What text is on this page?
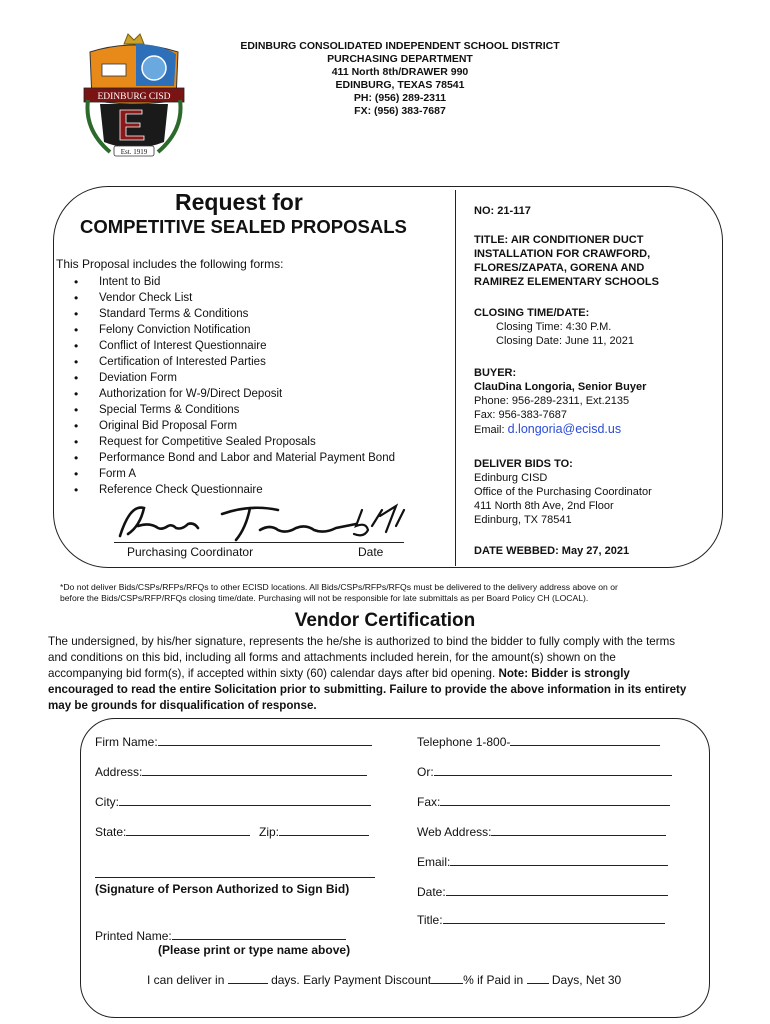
EDINBURG CISD
Est. 1919
EDINBURG CONSOLIDATED INDEPENDENT SCHOOL DISTRICT
PURCHASING DEPARTMENT
411 North 8th/DRAWER 990
EDINBURG, TEXAS 78541
PH: (956) 289-2311
FX: (956) 383-7687
Request for
COMPETITIVE SEALED PROPOSALS
This Proposal includes the following forms:
• Intent to Bid
• Vendor Check List
• Standard Terms & Conditions
• Felony Conviction Notification
• Conflict of Interest Questionnaire
• Certification of Interested Parties
• Deviation Form
• Authorization for W-9/Direct Deposit
• Special Terms & Conditions
• Original Bid Proposal Form
• Request for Competitive Sealed Proposals
• Performance Bond and Labor and Material Payment Bond
• Form A
• Reference Check Questionnaire
Purchasing Coordinator	Date
NO: 21-117
TITLE: AIR CONDITIONER DUCT
INSTALLATION FOR CRAWFORD,
FLORES/ZAPATA, GORENA AND
RAMIREZ ELEMENTARY SCHOOLS
CLOSING TIME/DATE:
Closing Time: 4:30 P.M.
Closing Date: June 11, 2021
BUYER:
ClauDina Longoria, Senior Buyer
Phone: 956-289-2311, Ext.2135
Fax: 956-383-7687
Email: d.longoria@ecisd.us
DELIVER BIDS TO:
Edinburg CISD
Office of the Purchasing Coordinator
411 North 8th Ave, 2nd Floor
Edinburg, TX 78541
DATE WEBBED: May 27, 2021
*Do not deliver Bids/CSPs/RFPs/RFQs to other ECISD locations. All Bids/CSPs/RFPs/RFQs must be delivered to the delivery address above on or
before the Bids/CSPs/RFP/RFQs closing time/date. Purchasing will not be responsible for late submittals as per Board Policy CH (LOCAL).
Vendor Certification
The undersigned, by his/her signature, represents the he/she is authorized to bind the bidder to fully comply with the terms
and conditions on this bid, including all forms and attachments included herein, for the amount(s) shown on the
accompanying bid form(s), if accepted within sixty (60) calendar days after bid opening. Note: Bidder is strongly
encouraged to read the entire Solicitation prior to submitting. Failure to provide the above information in its entirety
may be grounds for disqualification of response.
Firm Name:	Telephone 1-800-
Address:	Or:
City:	Fax:
State:	Zip:	Web Address:
Email:
(Signature of Person Authorized to Sign Bid)	Date:
Title:
Printed Name:
(Please print or type name above)
I can deliver in	days. Early Payment Discount	% if Paid in Days, Net 30
